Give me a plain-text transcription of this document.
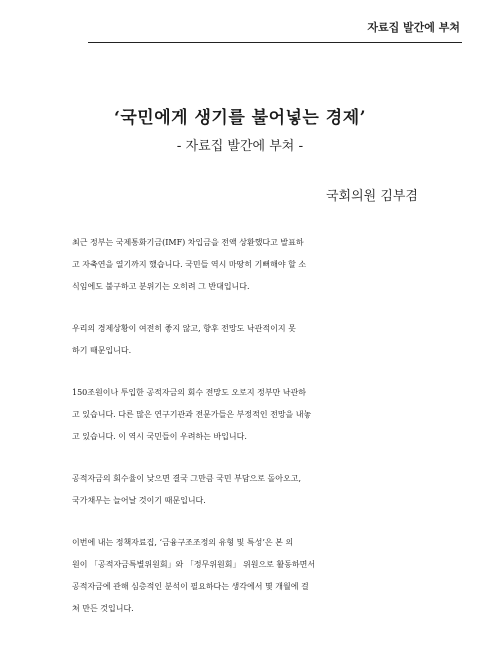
자료집 발간에 부쳐
‘국민에게 생기를 불어넣는 경제’
- 자료집 발간에 부쳐 -
국회의원 김부겸

최근 정부는 국제통화기금(IMF) 차입금을 전액 상환했다고 발표하
고 자축연을 열기까지 했습니다. 국민들 역시 마땅히 기뻐해야 할 소
식임에도 불구하고 분위기는 오히려 그 반대입니다.

우리의 경제상황이 여전히 좋지 않고, 향후 전망도 낙관적이지 못
하기 때문입니다.

150조원이나 투입한 공적자금의 회수 전망도 오로지 정부만 낙관하
고 있습니다. 다른 많은 연구기관과 전문가들은 부정적인 전망을 내놓
고 있습니다. 이 역시 국민들이 우려하는 바입니다.

공적자금의 회수율이 낮으면 결국 그만큼 국민 부담으로 돌아오고,
국가채무는 늘어날 것이기 때문입니다.

이번에 내는 정책자료집, ‘금융구조조정의 유형 및 특성’은 본 의
원이 「공적자금특별위원회」와 「정무위원회」 위원으로 활동하면서
공적자금에 관해 심층적인 분석이 필요하다는 생각에서 몇 개월에 걸
쳐 만든 것입니다.
